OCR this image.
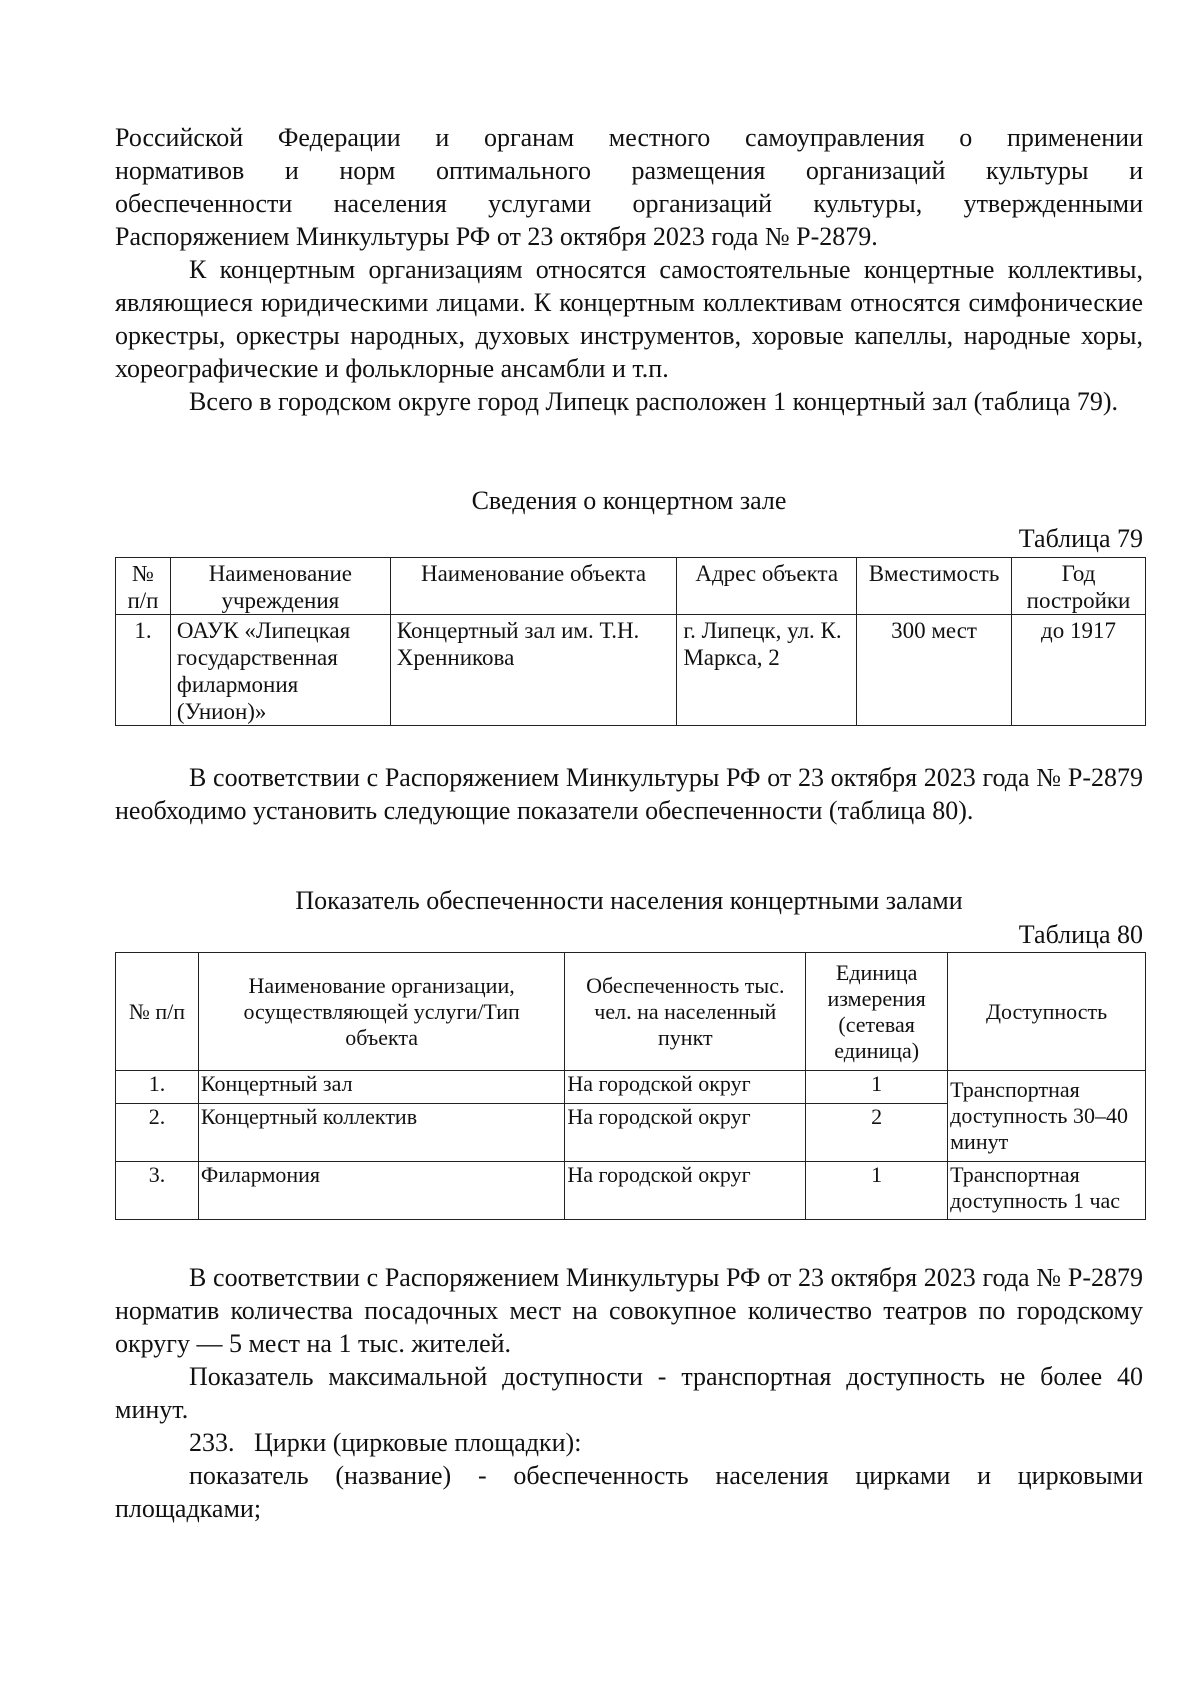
Российской Федерации и органам местного самоуправления о применении

нормативов и норм оптимального размещения организаций культуры и

обеспеченности населения услугами организаций культуры, утвержденными

Распоряжением Минкультуры РФ от 23 октября 2023 года № Р-2879.

К концертным организациям относятся самостоятельные концертные коллективы, являющиеся юридическими лицами. К концертным коллективам относятся симфонические оркестры, оркестры народных, духовых инструментов, хоровые капеллы, народные хоры, хореографические и фольклорные ансамбли и т.п.

Всего в городском округе город Липецк расположен 1 концертный зал (таблица 79).

Сведения о концертном зале
Таблица 79
№ п/п	Наименование учреждения	Наименование объекта	Адрес объекта	Вместимость	Год постройки
1.	ОАУК «Липецкая государственная филармония (Унион)»	Концертный зал им. Т.Н. Хренникова	г. Липецк, ул. К. Маркса, 2	300 мест	до 1917

В соответствии с Распоряжением Минкультуры РФ от 23 октября 2023 года № Р-2879 необходимо установить следующие показатели обеспеченности (таблица 80).

Показатель обеспеченности населения концертными залами
Таблица 80
№ п/п	Наименование организации, осуществляющей услуги/Тип объекта	Обеспеченность тыс. чел. на населенный пункт	Единица измерения (сетевая единица)	Доступность
1.	Концертный зал	На городской округ	1	Транспортная доступность 30–40 минут
2.	Концертный коллектив	На городской округ	2	
3.	Филармония	На городской округ	1	Транспортная доступность 1 час

В соответствии с Распоряжением Минкультуры РФ от 23 октября 2023 года № Р-2879 норматив количества посадочных мест на совокупное количество театров по городскому округу — 5 мест на 1 тыс. жителей.

Показатель максимальной доступности - транспортная доступность не более 40 минут.

233.   Цирки (цирковые площадки):

показатель (название) - обеспеченность населения цирками и цирковыми площадками;
